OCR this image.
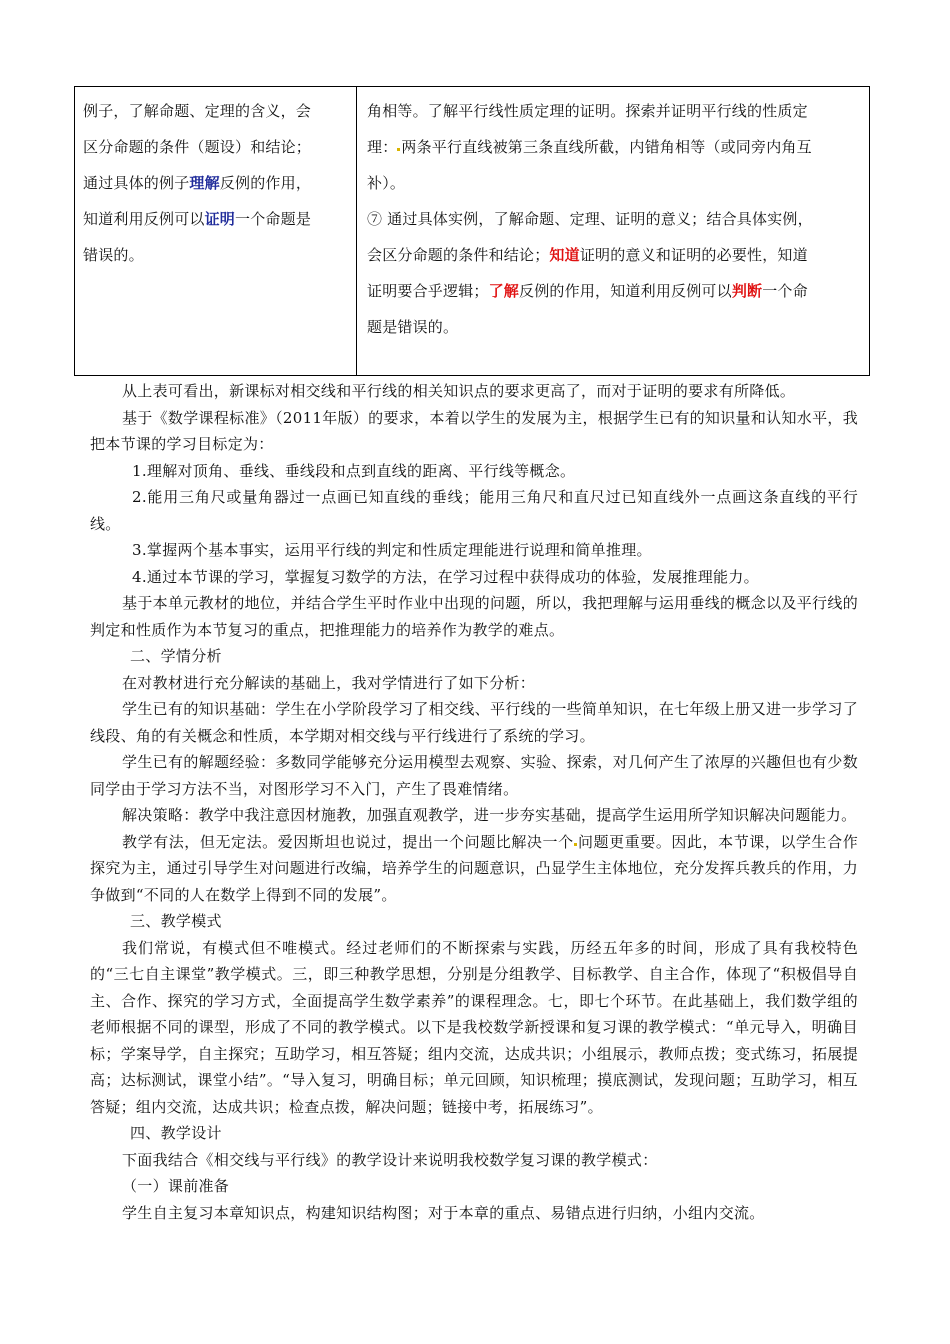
例子，了解命题、定理的含义，会
区分命题的条件（题设）和结论；
通过具体的例子理解反例的作用，
知道利用反例可以证明一个命题是
错误的。
角相等。了解平行线性质定理的证明。探索并证明平行线的性质定
理： 两条平行直线被第三条直线所截，内错角相等（或同旁内角互
补）。
⑦ 通过具体实例，了解命题、定理、证明的意义；结合具体实例，
会区分命题的条件和结论；知道证明的意义和证明的必要性，知道
证明要合乎逻辑；了解反例的作用，知道利用反例可以判断一个命
题是错误的。

从上表可看出，新课标对相交线和平行线的相关知识点的要求更高了，而对于证明的要求有所降低。

基于《数学课程标准》（2011年版）的要求，本着以学生的发展为主，根据学生已有的知识量和认知水平，我把本节课的学习目标定为：

1.理解对顶角、垂线、垂线段和点到直线的距离、平行线等概念。

2.能用三角尺或量角器过一点画已知直线的垂线；能用三角尺和直尺过已知直线外一点画这条直线的平行线。

3.掌握两个基本事实，运用平行线的判定和性质定理能进行说理和简单推理。

4.通过本节课的学习，掌握复习数学的方法，在学习过程中获得成功的体验，发展推理能力。

基于本单元教材的地位，并结合学生平时作业中出现的问题，所以，我把理解与运用垂线的概念以及平行线的判定和性质作为本节复习的重点，把推理能力的培养作为教学的难点。

二、学情分析

在对教材进行充分解读的基础上，我对学情进行了如下分析：

学生已有的知识基础：学生在小学阶段学习了相交线、平行线的一些简单知识，在七年级上册又进一步学习了线段、角的有关概念和性质，本学期对相交线与平行线进行了系统的学习。

学生已有的解题经验：多数同学能够充分运用模型去观察、实验、探索，对几何产生了浓厚的兴趣但也有少数同学由于学习方法不当，对图形学习不入门，产生了畏难情绪。

解决策略：教学中我注意因材施教，加强直观教学，进一步夯实基础，提高学生运用所学知识解决问题能力。

教学有法，但无定法。爱因斯坦也说过，提出一个问题比解决一个 问题更重要。因此，本节课，以学生合作探究为主，通过引导学生对问题进行改编，培养学生的问题意识，凸显学生主体地位，充分发挥兵教兵的作用，力争做到“不同的人在数学上得到不同的发展”。

三、教学模式

我们常说，有模式但不唯模式。经过老师们的不断探索与实践，历经五年多的时间，形成了具有我校特色的“三七自主课堂”教学模式。三，即三种教学思想，分别是分组教学、目标教学、自主合作，体现了“积极倡导自主、合作、探究的学习方式，全面提高学生数学素养”的课程理念。七，即七个环节。在此基础上，我们数学组的老师根据不同的课型，形成了不同的教学模式。以下是我校数学新授课和复习课的教学模式：“单元导入，明确目标；学案导学，自主探究；互助学习，相互答疑；组内交流，达成共识；小组展示，教师点拨；变式练习，拓展提高；达标测试，课堂小结”。“导入复习，明确目标；单元回顾，知识梳理；摸底测试，发现问题；互助学习，相互答疑；组内交流，达成共识；检查点拨，解决问题；链接中考，拓展练习”。

四、教学设计

下面我结合《相交线与平行线》的教学设计来说明我校数学复习课的教学模式：

（一）课前准备

学生自主复习本章知识点，构建知识结构图；对于本章的重点、易错点进行归纳，小组内交流。
